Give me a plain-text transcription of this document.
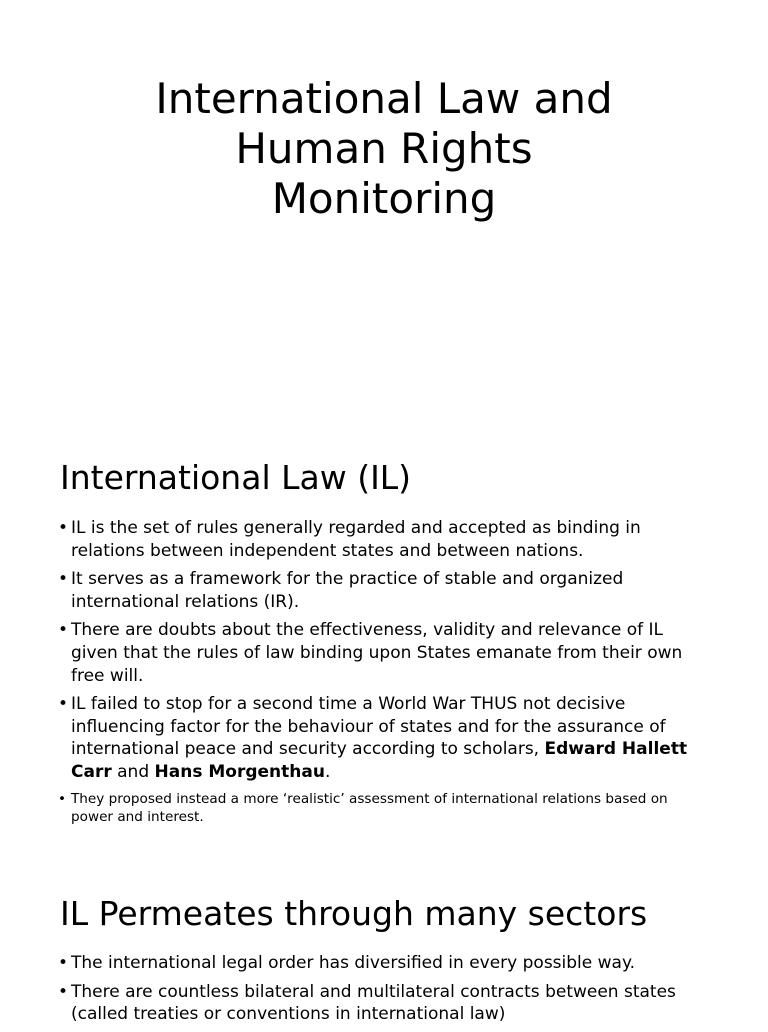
International Law and
Human Rights
Monitoring
International Law (IL)
• IL is the set of rules generally regarded and accepted as binding in relations between independent states and between nations.
• It serves as a framework for the practice of stable and organized international relations (IR).
• There are doubts about the effectiveness, validity and relevance of IL given that the rules of law binding upon States emanate from their own free will.
• IL failed to stop for a second time a World War THUS not decisive influencing factor for the behaviour of states and for the assurance of international peace and security according to scholars, Edward Hallett Carr and Hans Morgenthau.
• They proposed instead a more ‘realistic’ assessment of international relations based on power and interest.
IL Permeates through many sectors
• The international legal order has diversified in every possible way.
• There are countless bilateral and multilateral contracts between states (called treaties or conventions in international law)
